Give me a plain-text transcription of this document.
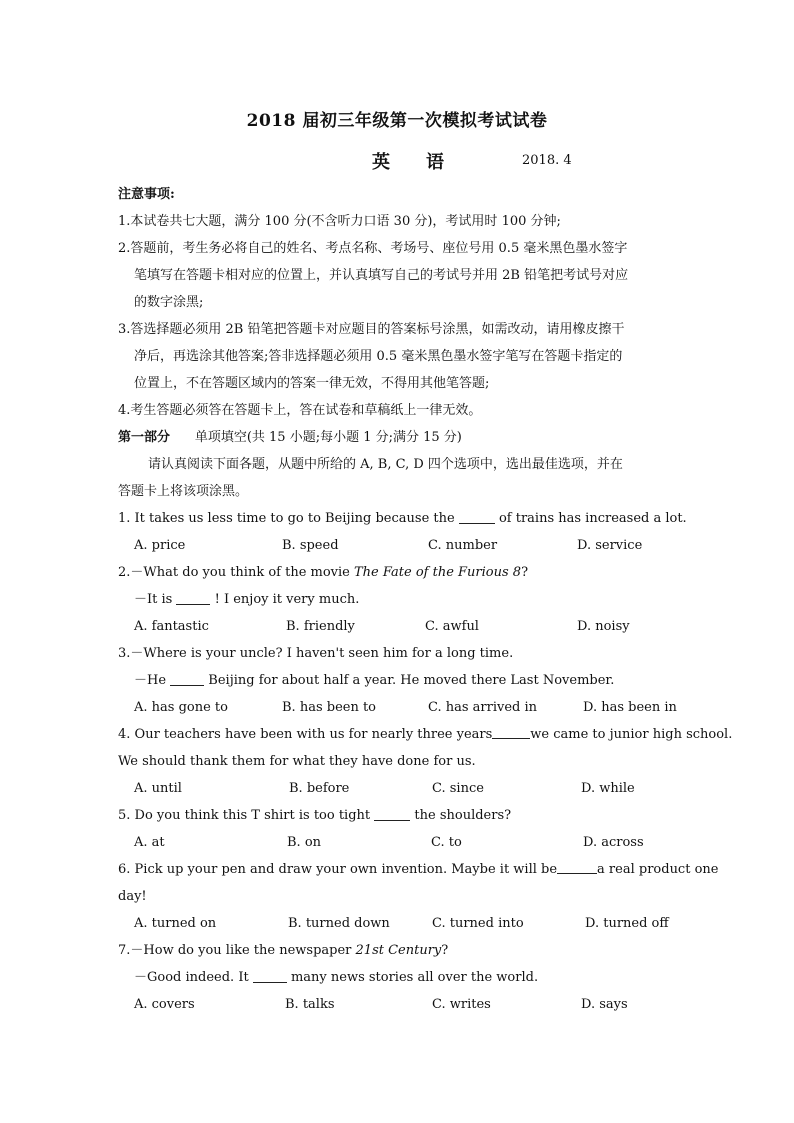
2018 届初三年级第一次模拟考试试卷
英 语	2018. 4
注意事项:
1.本试卷共七大题，满分 100 分(不含听力口语 30 分)，考试用时 100 分钟;
2.答题前，考生务必将自己的姓名、考点名称、考场号、座位号用 0.5 毫米黑色墨水签字
笔填写在答题卡相对应的位置上，并认真填写自己的考试号并用 2B 铅笔把考试号对应
的数字涂黑;
3.答选择题必须用 2B 铅笔把答题卡对应题目的答案标号涂黑，如需改动，请用橡皮擦干
净后，再选涂其他答案;答非选择题必须用 0.5 毫米黑色墨水签字笔写在答题卡指定的
位置上，不在答题区域内的答案一律无效，不得用其他笔答题;
4.考生答题必须答在答题卡上，答在试卷和草稿纸上一律无效。
第一部分 单项填空(共 15 小题;每小题 1 分;满分 15 分)
请认真阅读下面各题，从题中所给的 A, B, C, D 四个选项中，选出最佳选项，并在
答题卡上将该项涂黑。
1. It takes us less time to go to Beijing because the	of trains has increased a lot.
A. price	B. speed	C. number	D. service
2.－What do you think of the movie The Fate of the Furious 8?
－It is	! I enjoy it very much.
A. fantastic	B. friendly	C. awful	D. noisy
3.－Where is your uncle? I haven't seen him for a long time.
－He	Beijing for about half a year. He moved there Last November.
A. has gone to	B. has been to	C. has arrived in	D. has been in
4. Our teachers have been with us for nearly three years	we came to junior high school.
We should thank them for what they have done for us.
A. until	B. before	C. since	D. while
5. Do you think this T shirt is too tight	the shoulders?
A. at	B. on	C. to	D. across
6. Pick up your pen and draw your own invention. Maybe it will be	a real product one
day!
A. turned on	B. turned down	C. turned into	D. turned off
7.－How do you like the newspaper 21st Century?
－Good indeed. It	many news stories all over the world.
A. covers	B. talks	C. writes	D. says
